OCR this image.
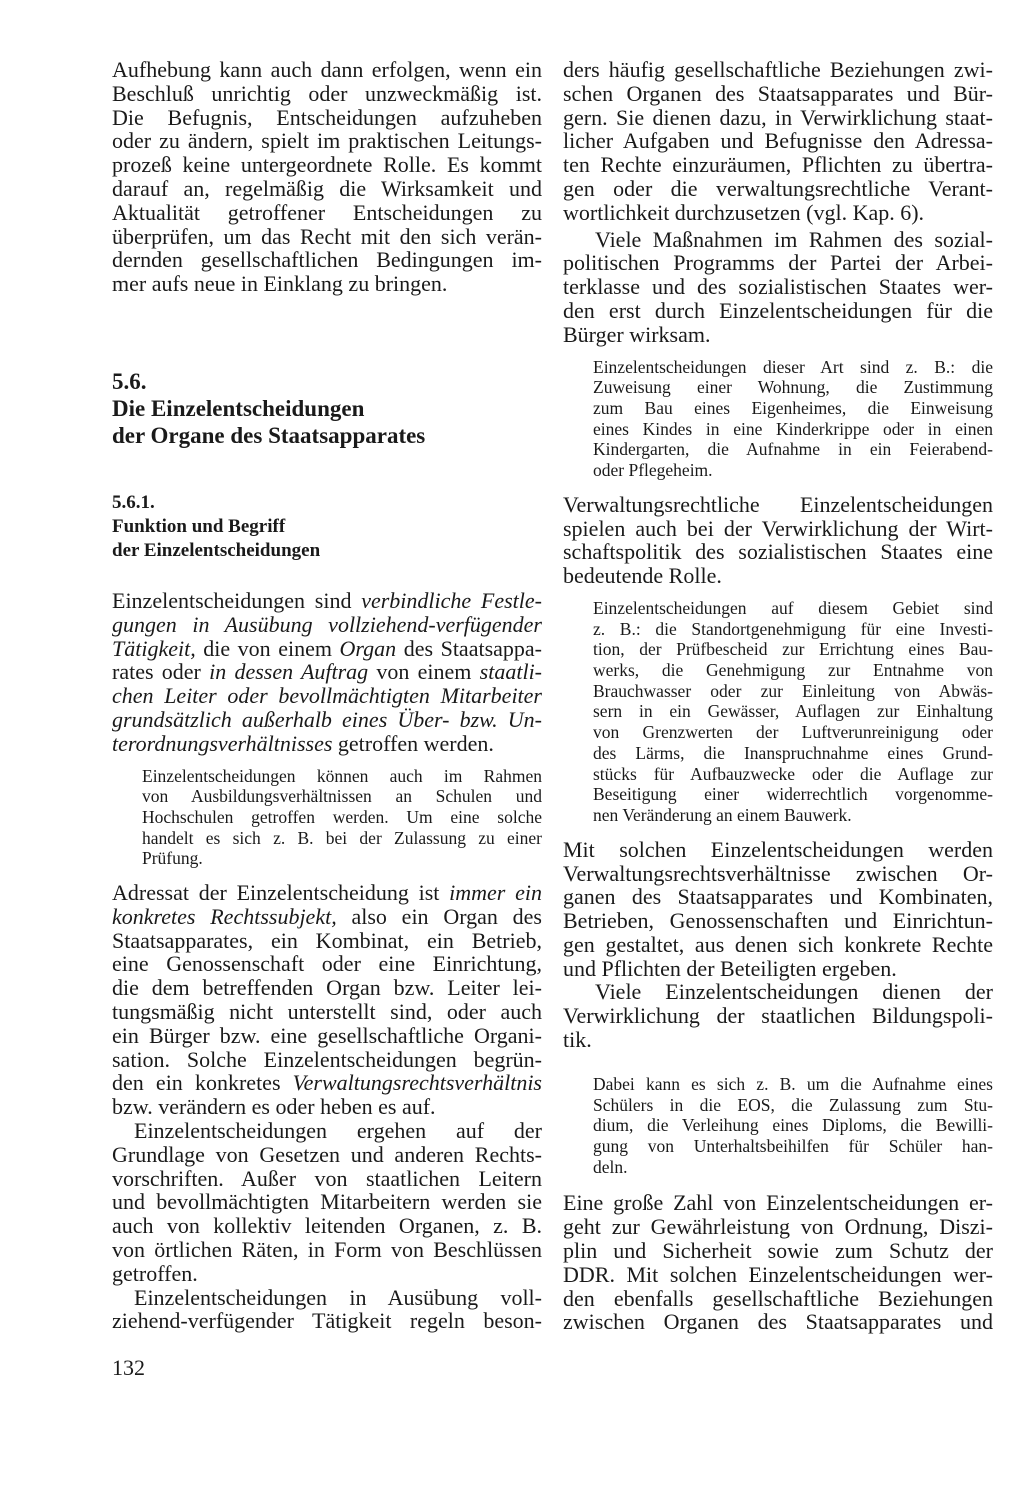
Aufhebung kann auch dann erfolgen, wenn ein
Beschluß unrichtig oder unzweckmäßig ist.
Die Befugnis, Entscheidungen aufzuheben
oder zu ändern, spielt im praktischen Leitungs-
prozeß keine untergeordnete Rolle. Es kommt
darauf an, regelmäßig die Wirksamkeit und
Aktualität getroffener Entscheidungen zu
überprüfen, um das Recht mit den sich verän-
dernden gesellschaftlichen Bedingungen im-
mer aufs neue in Einklang zu bringen.

5.6.
Die Einzelentscheidungen
der Organe des Staatsapparates
5.6.1.
Funktion und Begriff
der Einzelentscheidungen

Einzelentscheidungen sind verbindliche Festle-
gungen in Ausübung vollziehend-verfügender
Tätigkeit, die von einem Organ des Staatsappa-
rates oder in dessen Auftrag von einem staatli-
chen Leiter oder bevollmächtigten Mitarbeiter
grundsätzlich außerhalb eines Über- bzw. Un-
terordnungsverhältnisses getroffen werden.

Einzelentscheidungen können auch im Rahmen
von Ausbildungsverhältnissen an Schulen und
Hochschulen getroffen werden. Um eine solche
handelt es sich z. B. bei der Zulassung zu einer
Prüfung.

Adressat der Einzelentscheidung ist immer ein
konkretes Rechtssubjekt, also ein Organ des
Staatsapparates, ein Kombinat, ein Betrieb,
eine Genossenschaft oder eine Einrichtung,
die dem betreffenden Organ bzw. Leiter lei-
tungsmäßig nicht unterstellt sind, oder auch
ein Bürger bzw. eine gesellschaftliche Organi-
sation. Solche Einzelentscheidungen begrün-
den ein konkretes Verwaltungsrechtsverhältnis
bzw. verändern es oder heben es auf.

Einzelentscheidungen ergehen auf der
Grundlage von Gesetzen und anderen Rechts-
vorschriften. Außer von staatlichen Leitern
und bevollmächtigten Mitarbeitern werden sie
auch von kollektiv leitenden Organen, z. B.
von örtlichen Räten, in Form von Beschlüssen
getroffen.

Einzelentscheidungen in Ausübung voll-
ziehend-verfügender Tätigkeit regeln beson-

ders häufig gesellschaftliche Beziehungen zwi-
schen Organen des Staatsapparates und Bür-
gern. Sie dienen dazu, in Verwirklichung staat-
licher Aufgaben und Befugnisse den Adressa-
ten Rechte einzuräumen, Pflichten zu übertra-
gen oder die verwaltungsrechtliche Verant-
wortlichkeit durchzusetzen (vgl. Kap. 6).

Viele Maßnahmen im Rahmen des sozial-
politischen Programms der Partei der Arbei-
terklasse und des sozialistischen Staates wer-
den erst durch Einzelentscheidungen für die
Bürger wirksam.

Einzelentscheidungen dieser Art sind z. B.: die
Zuweisung einer Wohnung, die Zustimmung
zum Bau eines Eigenheimes, die Einweisung
eines Kindes in eine Kinderkrippe oder in einen
Kindergarten, die Aufnahme in ein Feierabend-
oder Pflegeheim.

Verwaltungsrechtliche Einzelentscheidungen
spielen auch bei der Verwirklichung der Wirt-
schaftspolitik des sozialistischen Staates eine
bedeutende Rolle.

Einzelentscheidungen auf diesem Gebiet sind
z. B.: die Standortgenehmigung für eine Investi-
tion, der Prüfbescheid zur Errichtung eines Bau-
werks, die Genehmigung zur Entnahme von
Brauchwasser oder zur Einleitung von Abwäs-
sern in ein Gewässer, Auflagen zur Einhaltung
von Grenzwerten der Luftverunreinigung oder
des Lärms, die Inanspruchnahme eines Grund-
stücks für Aufbauzwecke oder die Auflage zur
Beseitigung einer widerrechtlich vorgenomme-
nen Veränderung an einem Bauwerk.

Mit solchen Einzelentscheidungen werden
Verwaltungsrechtsverhältnisse zwischen Or-
ganen des Staatsapparates und Kombinaten,
Betrieben, Genossenschaften und Einrichtun-
gen gestaltet, aus denen sich konkrete Rechte
und Pflichten der Beteiligten ergeben.

Viele Einzelentscheidungen dienen der
Verwirklichung der staatlichen Bildungspoli-
tik.

Dabei kann es sich z. B. um die Aufnahme eines
Schülers in die EOS, die Zulassung zum Stu-
dium, die Verleihung eines Diploms, die Bewilli-
gung von Unterhaltsbeihilfen für Schüler han-
deln.

Eine große Zahl von Einzelentscheidungen er-
geht zur Gewährleistung von Ordnung, Diszi-
plin und Sicherheit sowie zum Schutz der
DDR. Mit solchen Einzelentscheidungen wer-
den ebenfalls gesellschaftliche Beziehungen
zwischen Organen des Staatsapparates und

132
